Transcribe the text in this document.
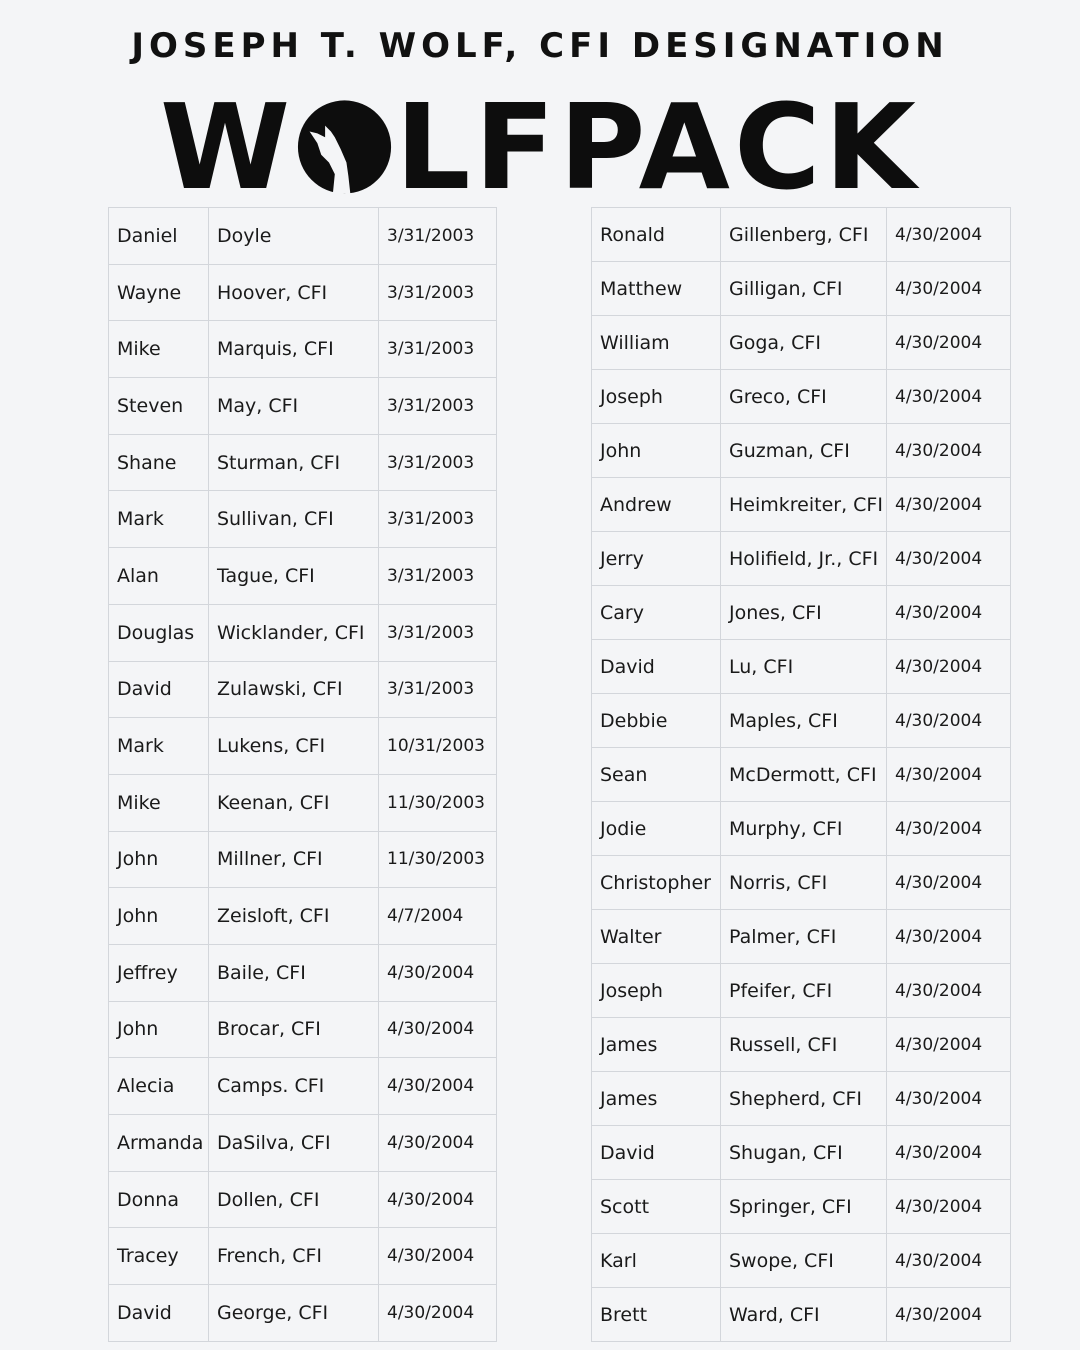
JOSEPH T. WOLF, CFI DESIGNATION
W LFPACK
Daniel	Doyle	3/31/2003
Wayne	Hoover, CFI	3/31/2003
Mike	Marquis, CFI	3/31/2003
Steven	May, CFI	3/31/2003
Shane	Sturman, CFI	3/31/2003
Mark	Sullivan, CFI	3/31/2003
Alan	Tague, CFI	3/31/2003
Douglas	Wicklander, CFI	3/31/2003
David	Zulawski, CFI	3/31/2003
Mark	Lukens, CFI	10/31/2003
Mike	Keenan, CFI	11/30/2003
John	Millner, CFI	11/30/2003
John	Zeisloft, CFI	4/7/2004
Jeffrey	Baile, CFI	4/30/2004
John	Brocar, CFI	4/30/2004
Alecia	Camps. CFI	4/30/2004
Armanda	DaSilva, CFI	4/30/2004
Donna	Dollen, CFI	4/30/2004
Tracey	French, CFI	4/30/2004
David	George, CFI	4/30/2004
Ronald	Gillenberg, CFI	4/30/2004
Matthew	Gilligan, CFI	4/30/2004
William	Goga, CFI	4/30/2004
Joseph	Greco, CFI	4/30/2004
John	Guzman, CFI	4/30/2004
Andrew	Heimkreiter, CFI	4/30/2004
Jerry	Holifield, Jr., CFI	4/30/2004
Cary	Jones, CFI	4/30/2004
David	Lu, CFI	4/30/2004
Debbie	Maples, CFI	4/30/2004
Sean	McDermott, CFI	4/30/2004
Jodie	Murphy, CFI	4/30/2004
Christopher	Norris, CFI	4/30/2004
Walter	Palmer, CFI	4/30/2004
Joseph	Pfeifer, CFI	4/30/2004
James	Russell, CFI	4/30/2004
James	Shepherd, CFI	4/30/2004
David	Shugan, CFI	4/30/2004
Scott	Springer, CFI	4/30/2004
Karl	Swope, CFI	4/30/2004
Brett	Ward, CFI	4/30/2004
